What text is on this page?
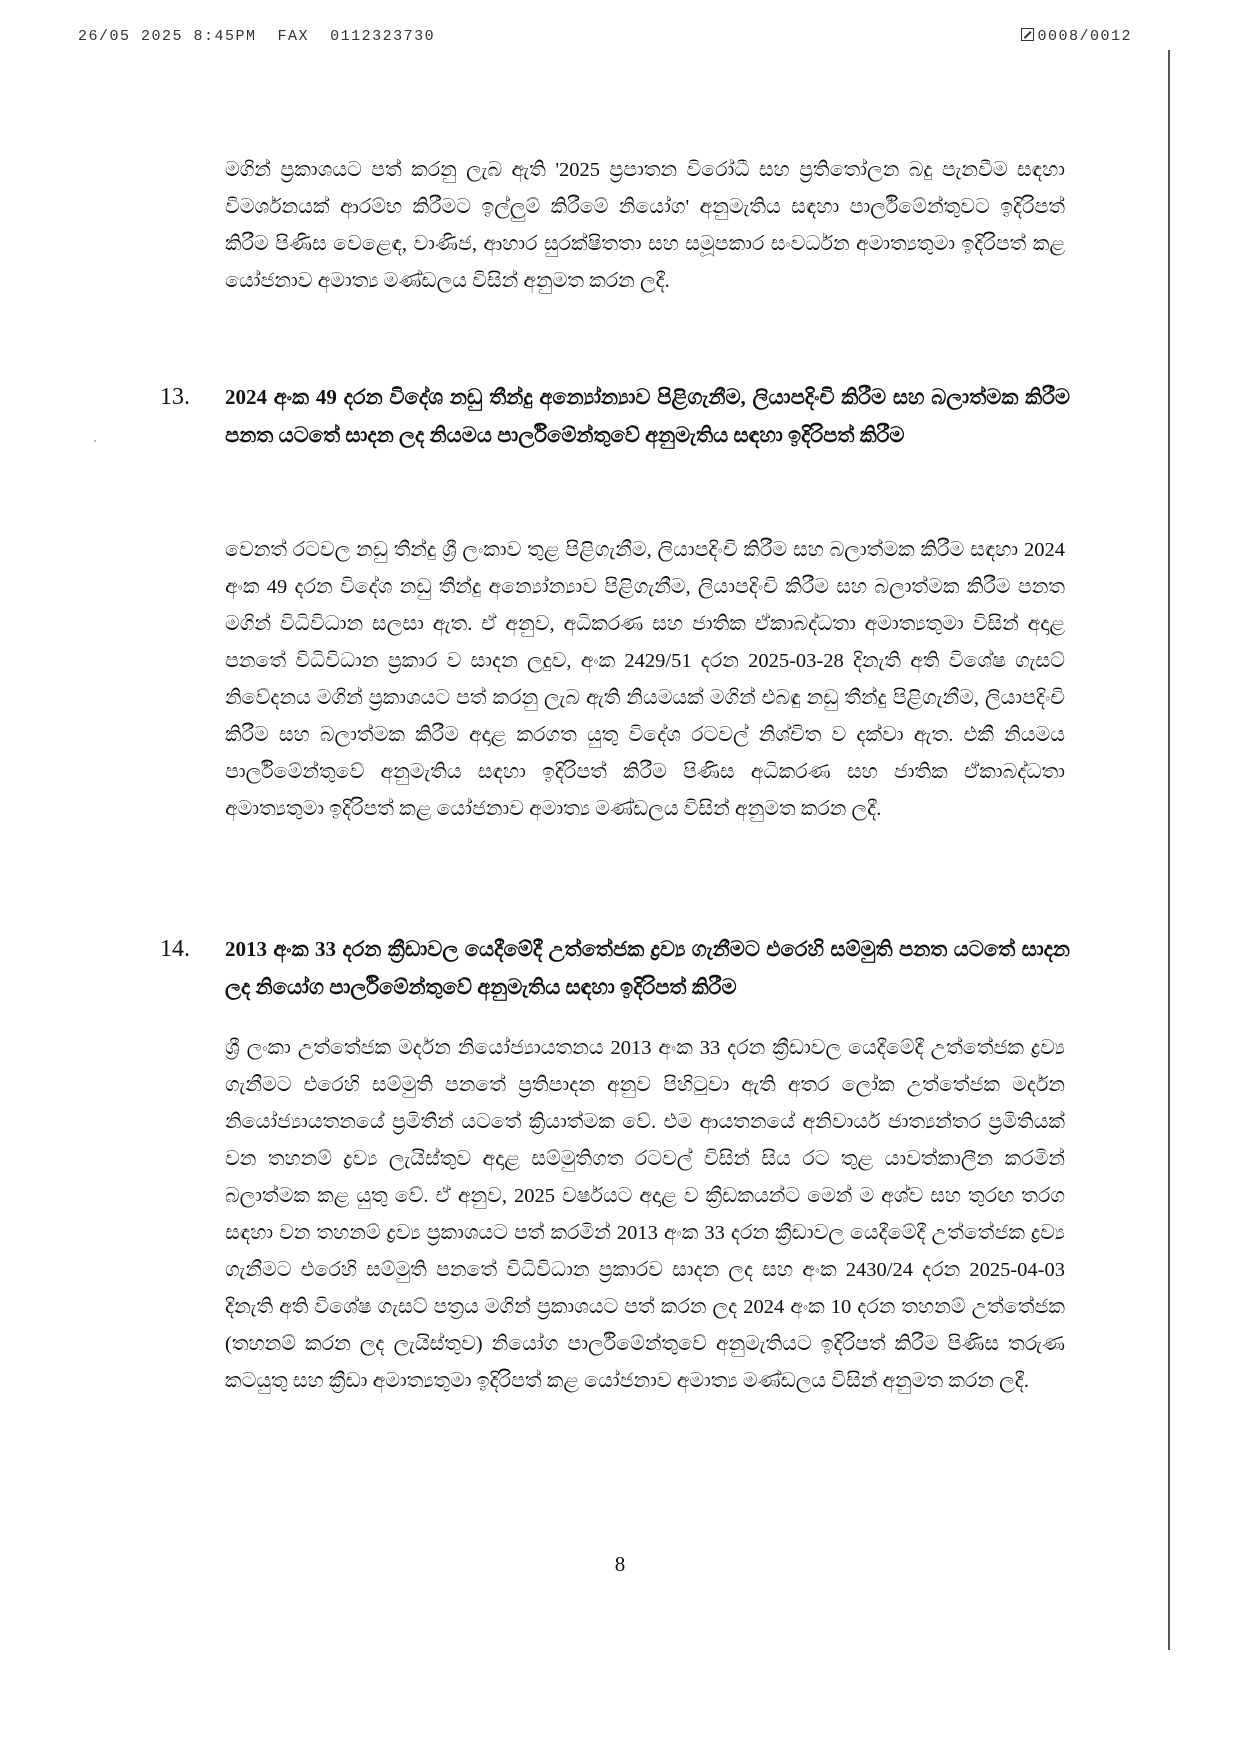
26/05 2025 8:45PM FAX 0112323730	0008/0012

මගින් ප්‍රකාශයට පත් කරනු ලැබ ඇති '2025 ප්‍රපාතන විරෝධී සහ ප්‍රතිතෝලන බදු පැනවීම සඳහා විමර්ශනයක් ආරම්භ කිරීමට ඉල්ලුම් කිරීමේ නියෝග' අනුමැතිය සඳහා පාර්ලිමේන්තුවට ඉදිරිපත් කිරීම පිණිස වෙළෙඳ, වාණිජ, ආහාර සුරක්ෂිතතා සහ සමූපකාර සංවර්ධන අමාත්‍යතුමා ඉදිරිපත් කළ යෝජනාව අමාත්‍ය මණ්ඩලය විසින් අනුමත කරන ලදී.

13. 2024 අංක 49 දරන විදේශ නඩු තීන්දු අන්‍යෝන්‍යාව පිළිගැනීම, ලියාපදිංචි කිරීම සහ බලාත්මක කිරීම පනත යටතේ සාදන ලද නියමය පාර්ලිමේන්තුවේ අනුමැතිය සඳහා ඉදිරිපත් කිරීම

වෙනත් රටවල නඩු තීන්දු ශ්‍රී ලංකාව තුළ පිළිගැනීම, ලියාපදිංචි කිරීම සහ බලාත්මක කිරීම සඳහා 2024 අංක 49 දරන විදේශ නඩු තීන්දු අන්‍යෝන්‍යාව පිළිගැනීම, ලියාපදිංචි කිරීම සහ බලාත්මක කිරීම පනත මගින් විධිවිධාන සලසා ඇත. ඒ අනුව, අධිකරණ සහ ජාතික ඒකාබද්ධතා අමාත්‍යතුමා විසින් අදාළ පනතේ විධිවිධාන ප්‍රකාර ව සාදන ලදුව, අංක 2429/51 දරන 2025-03-28 දිනැති අති විශේෂ ගැසට් නිවේදනය මගින් ප්‍රකාශයට පත් කරනු ලැබ ඇති නියමයක් මගින් එබඳු නඩු තීන්දු පිළිගැනීම, ලියාපදිංචි කිරීම සහ බලාත්මක කිරීම අදාළ කරගත යුතු විදේශ රටවල් නිශ්චිත ව දක්වා ඇත. එකී නියමය පාර්ලිමේන්තුවේ අනුමැතිය සඳහා ඉදිරිපත් කිරීම පිණිස අධිකරණ සහ ජාතික ඒකාබද්ධතා අමාත්‍යතුමා ඉදිරිපත් කළ යෝජනාව අමාත්‍ය මණ්ඩලය විසින් අනුමත කරන ලදී.

14. 2013 අංක 33 දරන ක්‍රීඩාවල යෙදීමේදී උත්තේජක ද්‍රව්‍ය ගැනීමට එරෙහි සම්මුති පනත යටතේ සාදන ලද නියෝග පාර්ලිමේන්තුවේ අනුමැතිය සඳහා ඉදිරිපත් කිරීම

ශ්‍රී ලංකා උත්තේජක මර්දන නියෝජ්‍යායතනය 2013 අංක 33 දරන ක්‍රීඩාවල යෙදීමේදී උත්තේජක ද්‍රව්‍ය ගැනීමට එරෙහි සම්මුති පනතේ ප්‍රතිපාදන අනුව පිහිටුවා ඇති අතර ලෝක උත්තේජක මර්දන නියෝජ්‍යායතනයේ ප්‍රමිතීන් යටතේ ක්‍රියාත්මක වේ. එම ආයතනයේ අනිවාර්ය ජාත්‍යන්තර ප්‍රමිතියක් වන තහනම් ද්‍රව්‍ය ලැයිස්තුව අදාළ සම්මුතිගත රටවල් විසින් සිය රට තුළ යාවත්කාලීන කරමින් බලාත්මක කළ යුතු වේ. ඒ අනුව, 2025 වර්ෂයට අදාළ ව ක්‍රීඩකයන්ට මෙන් ම අශ්ව සහ තුරඟ තරග සඳහා වන තහනම් ද්‍රව්‍ය ප්‍රකාශයට පත් කරමින් 2013 අංක 33 දරන ක්‍රීඩාවල යෙදීමේදී උත්තේජක ද්‍රව්‍ය ගැනීමට එරෙහි සම්මුති පනතේ විධිවිධාන ප්‍රකාරව සාදන ලද සහ අංක 2430/24 දරන 2025-04-03 දිනැති අති විශේෂ ගැසට් පත්‍රය මගින් ප්‍රකාශයට පත් කරන ලද 2024 අංක 10 දරන තහනම් උත්තේජක (තහනම් කරන ලද ලැයිස්තුව) නියෝග පාර්ලිමේන්තුවේ අනුමැතියට ඉදිරිපත් කිරීම පිණිස තරුණ කටයුතු සහ ක්‍රීඩා අමාත්‍යතුමා ඉදිරිපත් කළ යෝජනාව අමාත්‍ය මණ්ඩලය විසින් අනුමත කරන ලදී.

8
